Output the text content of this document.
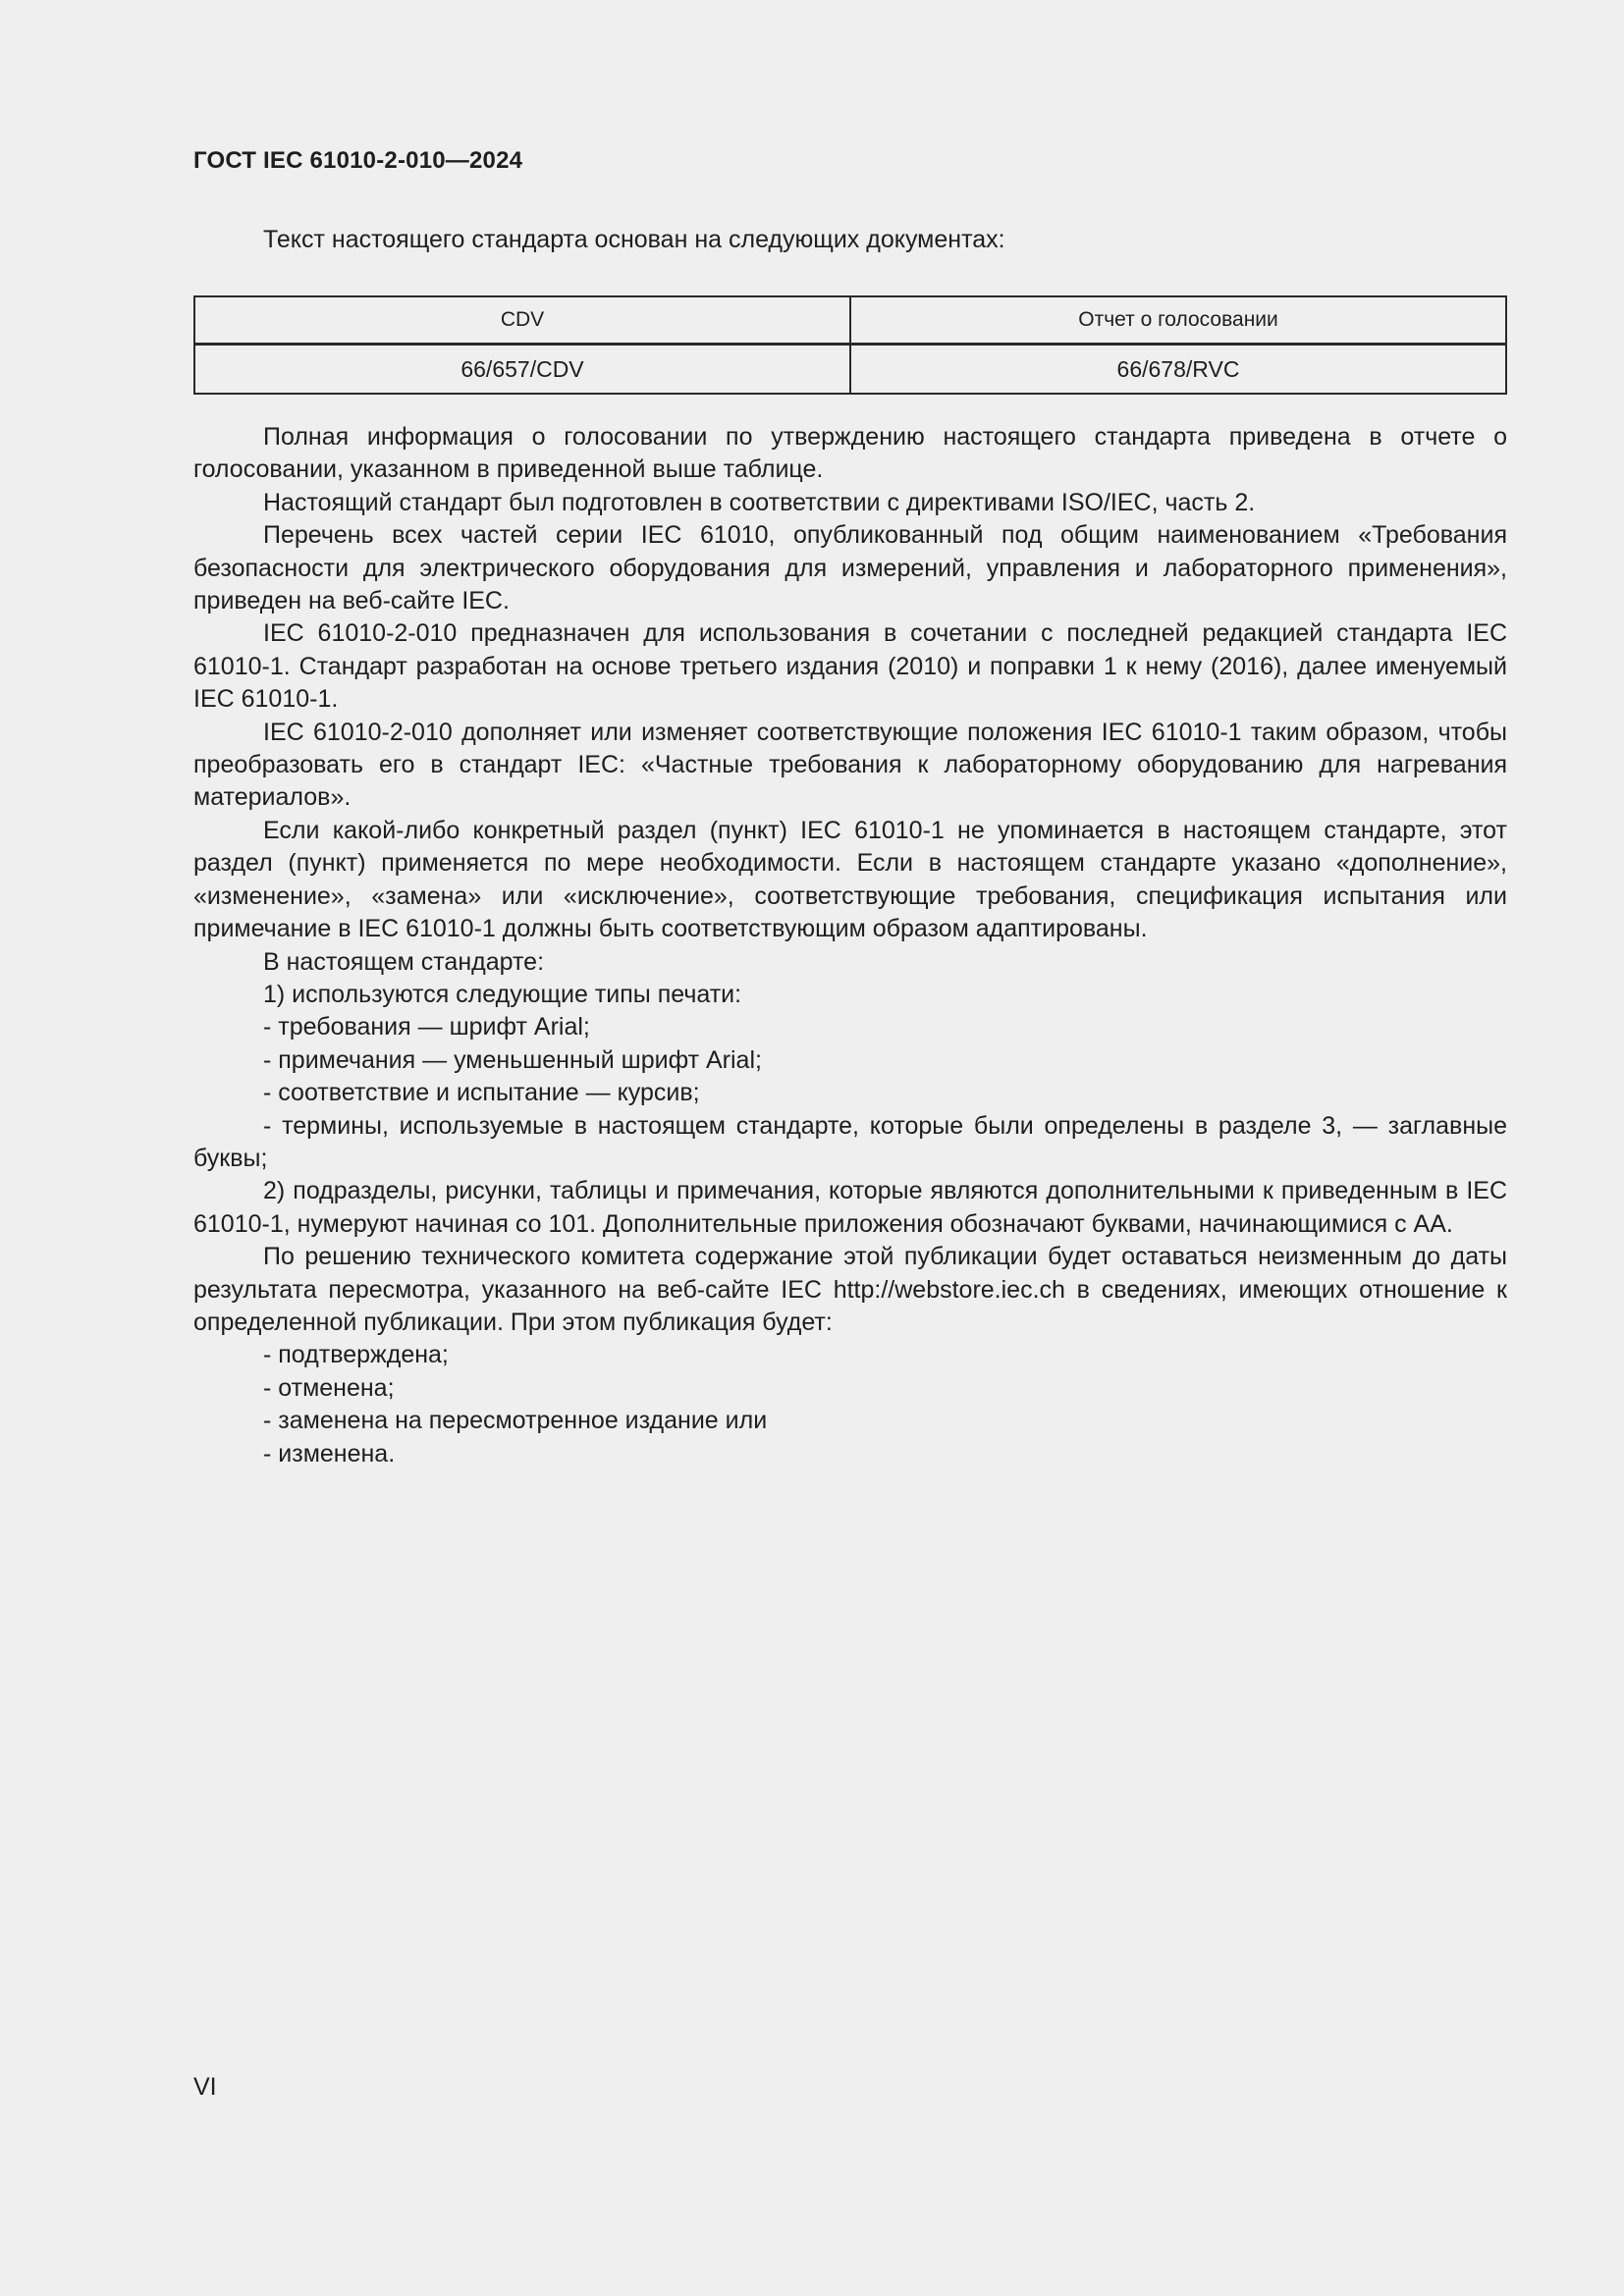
ГОСТ IEC 61010-2-010—2024
Текст настоящего стандарта основан на следующих документах:
CDV	Отчет о голосовании
66/657/CDV	66/678/RVC

Полная информация о голосовании по утверждению настоящего стандарта приведена в отчете о голосовании, указанном в приведенной выше таблице.

Настоящий стандарт был подготовлен в соответствии с директивами ISO/IEC, часть 2.

Перечень всех частей серии IEC 61010, опубликованный под общим наименованием «Требования безопасности для электрического оборудования для измерений, управления и лабораторного применения», приведен на веб-сайте IEC.

IEC 61010-2-010 предназначен для использования в сочетании с последней редакцией стандарта IEC 61010-1. Стандарт разработан на основе третьего издания (2010) и поправки 1 к нему (2016), далее именуемый IEC 61010-1.

IEC 61010-2-010 дополняет или изменяет соответствующие положения IEC 61010-1 таким образом, чтобы преобразовать его в стандарт IEC: «Частные требования к лабораторному оборудованию для нагревания материалов».

Если какой-либо конкретный раздел (пункт) IEC 61010-1 не упоминается в настоящем стандарте, этот раздел (пункт) применяется по мере необходимости. Если в настоящем стандарте указано «дополнение», «изменение», «замена» или «исключение», соответствующие требования, спецификация испытания или примечание в IEC 61010-1 должны быть соответствующим образом адаптированы.

В настоящем стандарте:

1) используются следующие типы печати:

- требования — шрифт Arial;

- примечания — уменьшенный шрифт Arial;

- соответствие и испытание — курсив;

- термины, используемые в настоящем стандарте, которые были определены в разделе 3, — заглавные буквы;

2) подразделы, рисунки, таблицы и примечания, которые являются дополнительными к приведенным в IEC 61010-1, нумеруют начиная со 101. Дополнительные приложения обозначают буквами, начинающимися с АА.

По решению технического комитета содержание этой публикации будет оставаться неизменным до даты результата пересмотра, указанного на веб-сайте IEC http://webstore.iec.ch в сведениях, имеющих отношение к определенной публикации. При этом публикация будет:

- подтверждена;

- отменена;

- заменена на пересмотренное издание или

- изменена.

VI
